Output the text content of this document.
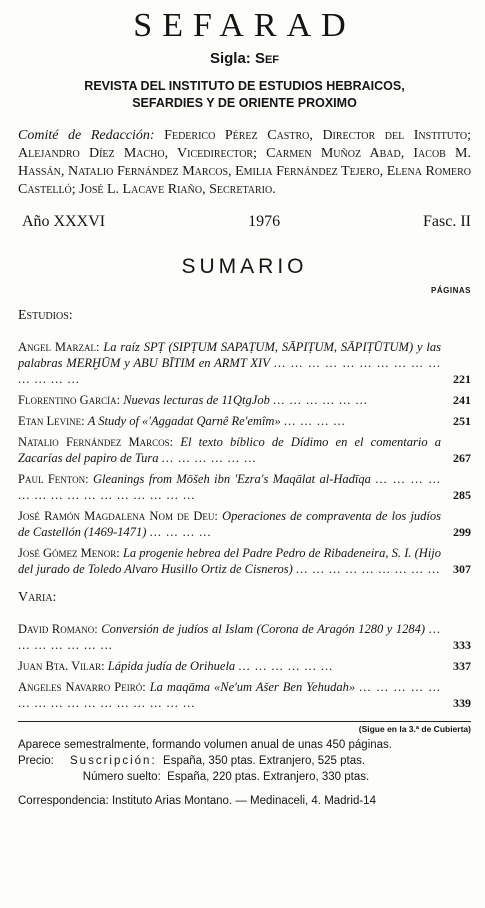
SEFARAD
Sigla: Sef
REVISTA DEL INSTITUTO DE ESTUDIOS HEBRAICOS,
SEFARDIES Y DE ORIENTE PROXIMO
Comité de Redacción: Federico Pérez Castro, Director del Instituto; Alejandro Díez Macho, Vicedirector; Carmen Muñoz Abad, Iacob M. Hassán, Natalio Fernández Marcos, Emilia Fernández Tejero, Elena Romero Castelló; José L. Lacave Riaño, Secretario.
Año XXXVI	1976	Fasc. II
SUMARIO
PÁGINAS
Estudios:
Angel Marzal: La raíz SPṬ (SIPṬUM SAPAṬUM, SĀPIṬUM, SĀPIṬŪTUM) y las palabras MERḪŪM y ABU BĪTIM en ARMT XIV ... ... ... ... ... ... ... ... ... ... ... ... ... ...	221
Florentino García: Nuevas lecturas de 11QtgJob ... ... ... ... ... ...	241
Etan Levine: A Study of «'Aggadat Qarnê Re'emîm» ... ... ... ...	251
Natalio Fernández Marcos: El texto bíblico de Dídimo en el comentario a Zacarías del papiro de Tura ... ... ... ... ... ...	267
Paul Fenton: Gleanings from Mōšeh ibn 'Ezra's Maqālat al-Hadīqa ... ... ... ... ... ... ... ... ... ... ... ... ... ... ...	285
José Ramón Magdalena Nom de Deu: Operaciones de compraventa de los judíos de Castellón (1469-1471) ... ... ... ...	299
José Gómez Menor: La progenie hebrea del Padre Pedro de Ribadeneira, S. I. (Hijo del jurado de Toledo Alvaro Husillo Ortiz de Cisneros) ... ... ... ... ... ... ... ... ...	307
Varia:
David Romano: Conversión de judíos al Islam (Corona de Aragón 1280 y 1284) ... ... ... ... ... ... ...	333
Juan Bta. Vilar: Lápida judía de Orihuela ... ... ... ... ... ...	337
Angeles Navarro Peiró: La maqāma «Ne'um Ašer Ben Yehudah» ... ... ... ... ... ... ... ... ... ... ... ... ... ... ... ...	339
(Sigue en la 3.ª de Cubierta)
Aparece semestralmente, formando volumen anual de unas 450 páginas.
Precio:	Suscripción:
España, 350 ptas. Extranjero, 525 ptas.

Número suelto:
España, 220 ptas. Extranjero, 330 ptas.
Correspondencia: Instituto Arias Montano. — Medinaceli, 4. Madrid-14
